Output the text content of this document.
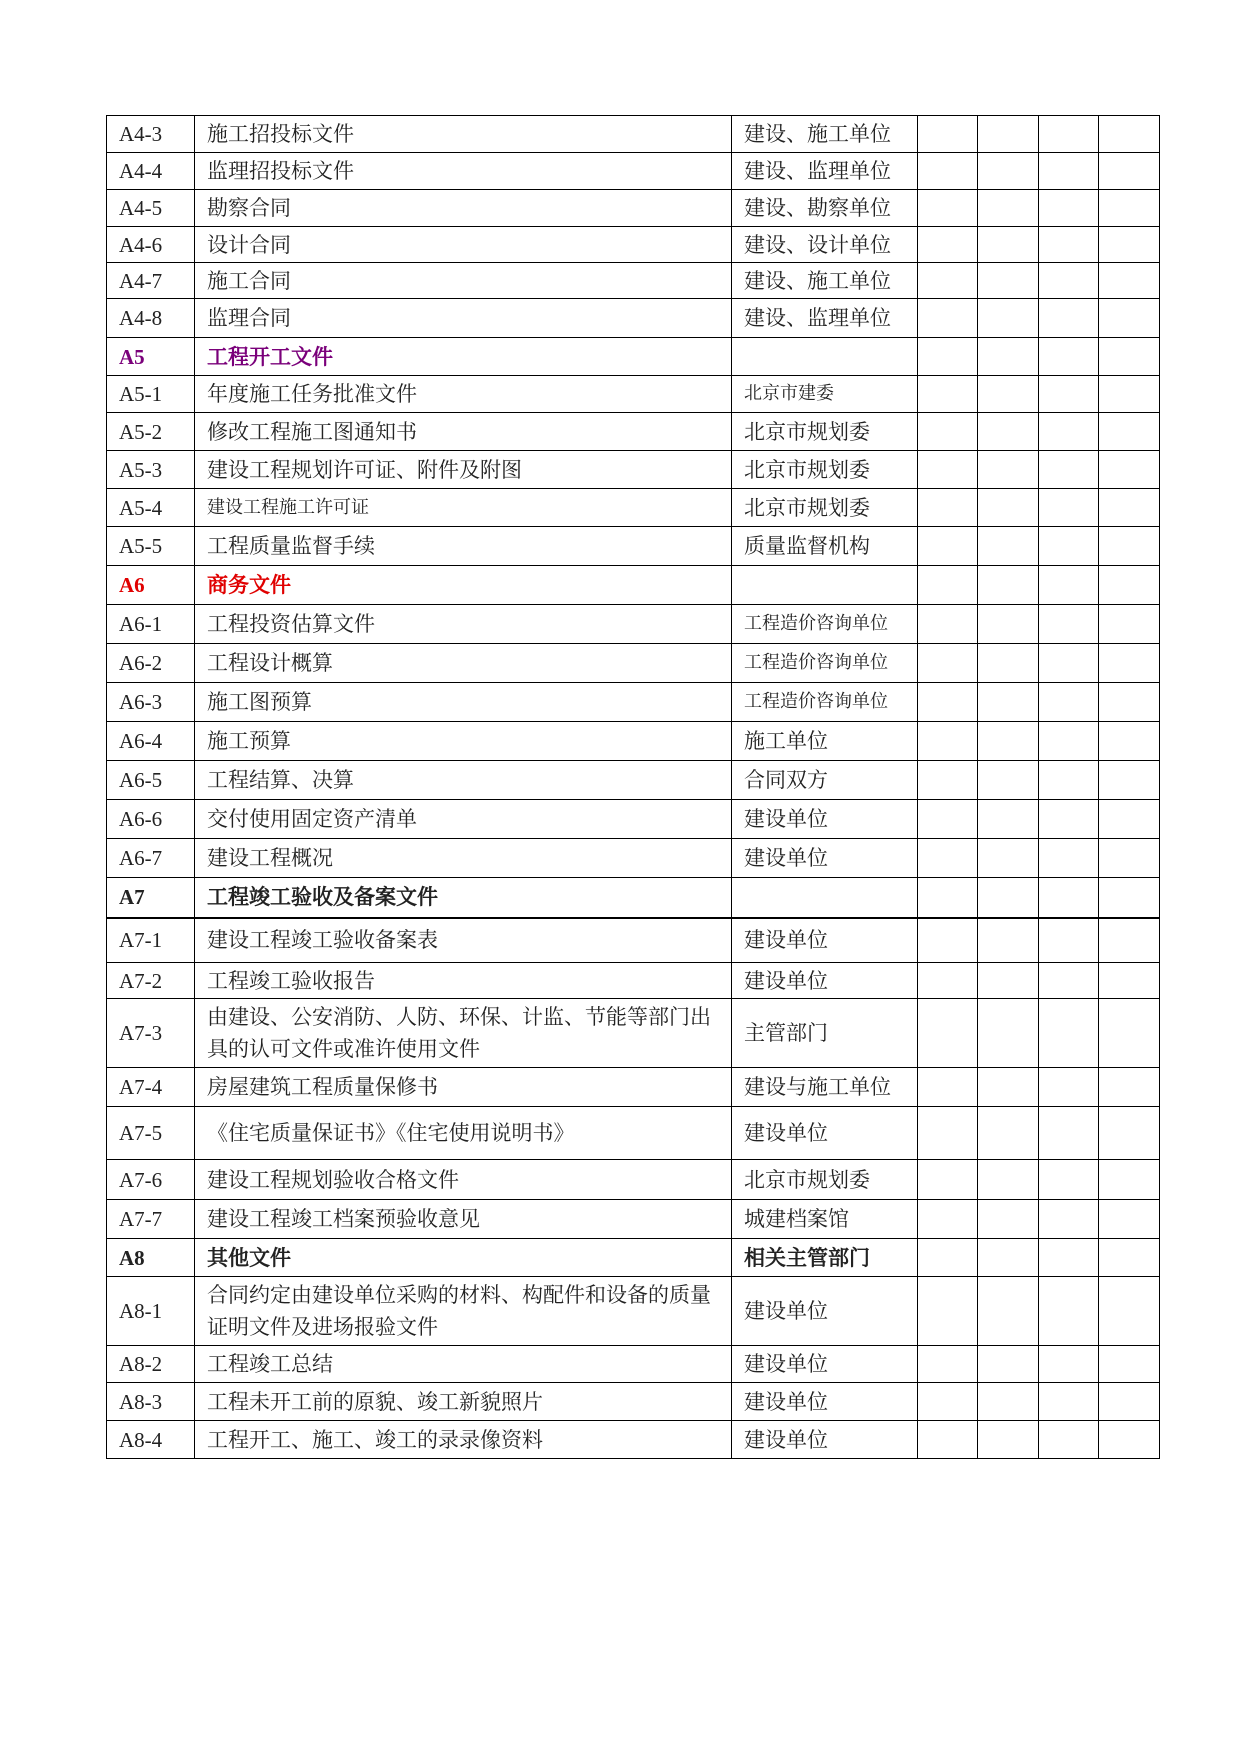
A4-3	施工招投标文件	建设、施工单位				
A4-4	监理招投标文件	建设、监理单位				
A4-5	勘察合同	建设、勘察单位				
A4-6	设计合同	建设、设计单位				
A4-7	施工合同	建设、施工单位				
A4-8	监理合同	建设、监理单位				
A5	工程开工文件					
A5-1	年度施工任务批准文件	北京市建委				
A5-2	修改工程施工图通知书	北京市规划委				
A5-3	建设工程规划许可证、附件及附图	北京市规划委				
A5-4	建设工程施工许可证	北京市规划委				
A5-5	工程质量监督手续	质量监督机构				
A6	商务文件					
A6-1	工程投资估算文件	工程造价咨询单位				
A6-2	工程设计概算	工程造价咨询单位				
A6-3	施工图预算	工程造价咨询单位				
A6-4	施工预算	施工单位				
A6-5	工程结算、决算	合同双方				
A6-6	交付使用固定资产清单	建设单位				
A6-7	建设工程概况	建设单位				
A7	工程竣工验收及备案文件					
A7-1	建设工程竣工验收备案表	建设单位				
A7-2	工程竣工验收报告	建设单位				
A7-3	由建设、公安消防、人防、环保、计监、节能等部门出具的认可文件或准许使用文件	主管部门				
A7-4	房屋建筑工程质量保修书	建设与施工单位				
A7-5	《住宅质量保证书》《住宅使用说明书》	建设单位				
A7-6	建设工程规划验收合格文件	北京市规划委				
A7-7	建设工程竣工档案预验收意见	城建档案馆				
A8	其他文件	相关主管部门				
A8-1	合同约定由建设单位采购的材料、构配件和设备的质量证明文件及进场报验文件	建设单位				
A8-2	工程竣工总结	建设单位				
A8-3	工程未开工前的原貌、竣工新貌照片	建设单位				
A8-4	工程开工、施工、竣工的录录像资料	建设单位				
